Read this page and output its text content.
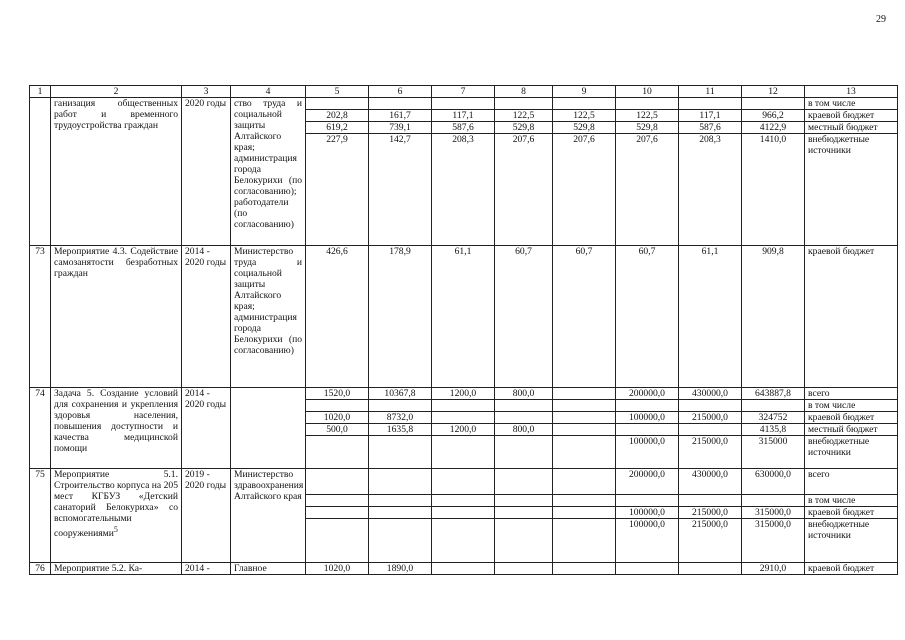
29
1	2	3	4	5	6	7	8	9	10	11	12	13
	ганизация общественных работ и временного трудоустройства граждан	2020 годы	ство труда и социальной защиты Алтайского края; администрация города Белокурихи (по согласованию); работодатели (по согласованию)									в том числе
				202,8	161,7	117,1	122,5	122,5	122,5	117,1	966,2	краевой бюджет
				619,2	739,1	587,6	529,8	529,8	529,8	587,6	4122,9	местный бюджет
				227,9	142,7	208,3	207,6	207,6	207,6	208,3	1410,0	внебюджетные источники
73	Мероприятие 4.3. Содействие самозанятости безработных граждан	2014 - 2020 годы	Министерство труда и социальной защиты Алтайского края; администрация города Белокурихи (по согласованию)	426,6	178,9	61,1	60,7	60,7	60,7	61,1	909,8	краевой бюджет
74	Задача 5. Создание условий для сохранения и укрепления здоровья населения, повышения доступности и качества медицинской помощи	2014 - 2020 годы		1520,0	10367,8	1200,0	800,0		200000,0	430000,0	643887,8	всего
												в том числе
				1020,0	8732,0				100000,0	215000,0	324752	краевой бюджет
				500,0	1635,8	1200,0	800,0				4135,8	местный бюджет
									100000,0	215000,0	315000	внебюджетные источники
75	Мероприятие 5.1. Строительство корпуса на 205 мест КГБУЗ «Детский санаторий Белокуриха» со вспомогательными сооружениями$^5$	2019 - 2020 годы	Министерство здравоохранения Алтайского края						200000,0	430000,0	630000,0	всего
												в том числе
									100000,0	215000,0	315000,0	краевой бюджет
									100000,0	215000,0	315000,0	внебюджетные источники
76	Мероприятие 5.2. Ка-	2014 -	Главное	1020,0	1890,0						2910,0	краевой бюджет
